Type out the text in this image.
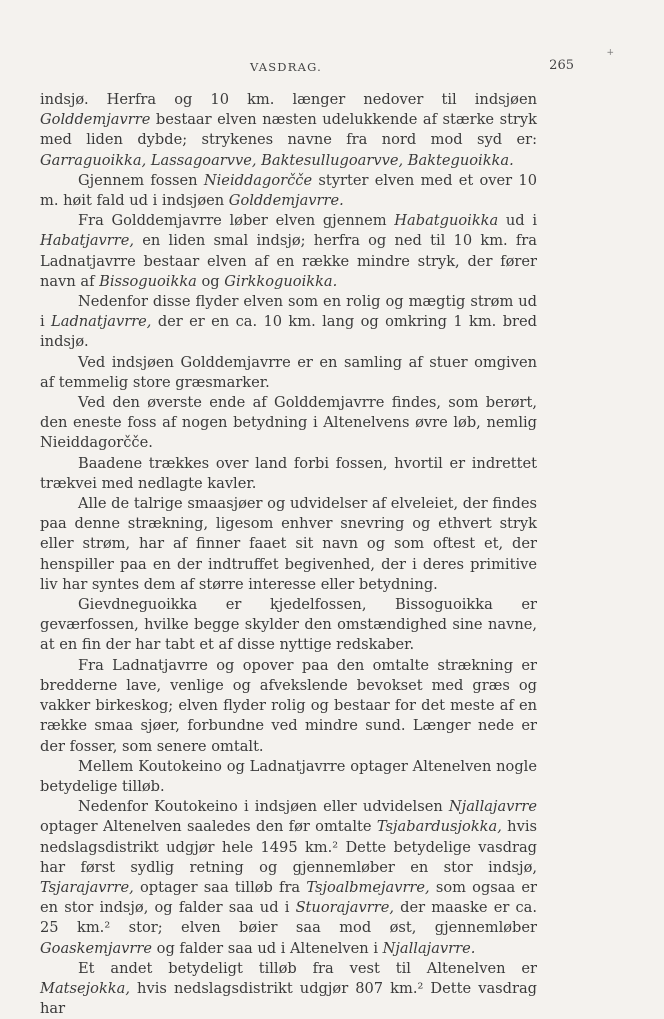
VASDRAG.	265
+

indsjø. Herfra og 10 km. længer nedover til indsjøen Golddemjavrre bestaar elven næsten udelukkende af stærke stryk med liden dybde; strykenes navne fra nord mod syd er: Garraguoikka, Lassagoarvve, Baktesullugoarvve, Bakteguoikka.

Gjennem fossen Nieiddagorčče styrter elven med et over 10 m. høit fald ud i indsjøen Golddemjavrre.

Fra Golddemjavrre løber elven gjennem Habatguoikka ud i Habatjavrre, en liden smal indsjø; herfra og ned til 10 km. fra Ladnatjavrre bestaar elven af en række mindre stryk, der fører navn af Bissoguoikka og Girkkoguoikka.

Nedenfor disse flyder elven som en rolig og mægtig strøm ud i Ladnatjavrre, der er en ca. 10 km. lang og omkring 1 km. bred indsjø.

Ved indsjøen Golddemjavrre er en samling af stuer omgiven af temmelig store græsmarker.

Ved den øverste ende af Golddemjavrre findes, som berørt, den eneste foss af nogen betydning i Altenelvens øvre løb, nemlig Nieiddagorčče.

Baadene trækkes over land forbi fossen, hvortil er indrettet trækvei med nedlagte kavler.

Alle de talrige smaasjøer og udvidelser af elveleiet, der findes paa denne strækning, ligesom enhver snevring og ethvert stryk eller strøm, har af finner faaet sit navn og som oftest et, der henspiller paa en der indtruffet begivenhed, der i deres primitive liv har syntes dem af større interesse eller betydning.

Gievdneguoikka er kjedelfossen, Bissoguoikka er geværfossen, hvilke begge skylder den omstændighed sine navne, at en fin der har tabt et af disse nyttige redskaber.

Fra Ladnatjavrre og opover paa den omtalte strækning er bredderne lave, venlige og afvekslende bevokset med græs og vakker birkeskog; elven flyder rolig og bestaar for det meste af en række smaa sjøer, forbundne ved mindre sund. Længer nede er der fosser, som senere omtalt.

Mellem Koutokeino og Ladnatjavrre optager Altenelven nogle betydelige tilløb.

Nedenfor Koutokeino i indsjøen eller udvidelsen Njallajavrre optager Altenelven saaledes den før omtalte Tsjabardusjokka, hvis nedslagsdistrikt udgjør hele 1495 km.² Dette betydelige vasdrag har først sydlig retning og gjennemløber en stor indsjø, Tsjarajavrre, optager saa tilløb fra Tsjoalbmejavrre, som ogsaa er en stor indsjø, og falder saa ud i Stuorajavrre, der maaske er ca. 25 km.² stor; elven bøier saa mod øst, gjennemløber Goaskemjavrre og falder saa ud i Altenelven i Njallajavrre.

Et andet betydeligt tilløb fra vest til Altenelven er Matsejokka, hvis nedslagsdistrikt udgjør 807 km.² Dette vasdrag har
